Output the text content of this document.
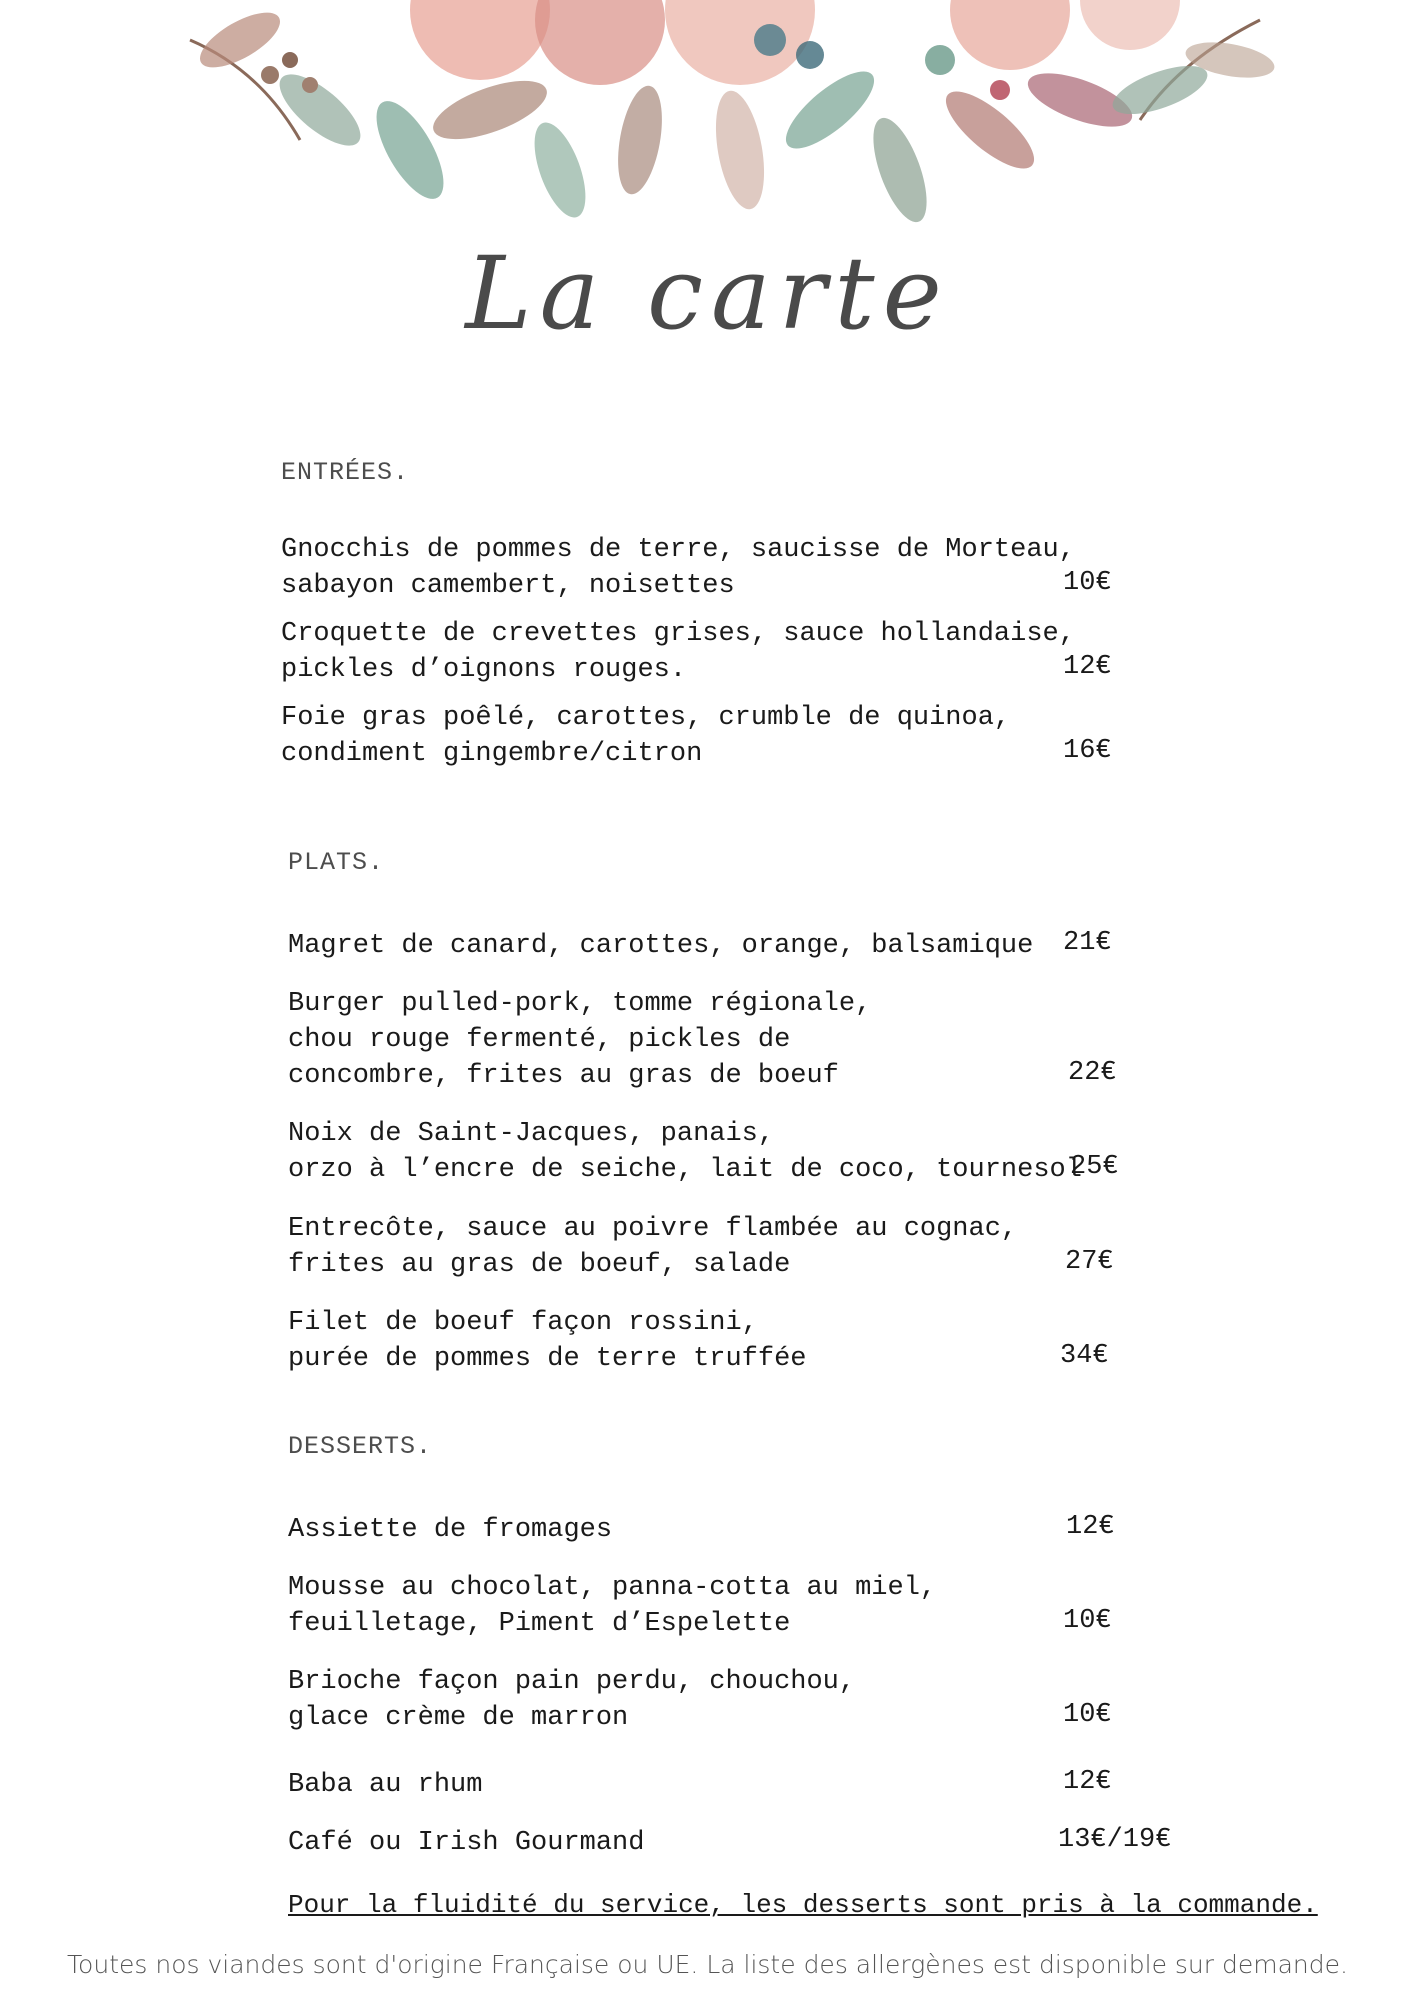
La carte
ENTRÉES.
Gnocchis de pommes de terre, saucisse de Morteau,
sabayon camembert, noisettes	10€
Croquette de crevettes grises, sauce hollandaise,
pickles d’oignons rouges.	12€
Foie gras poêlé, carottes, crumble de quinoa,
condiment gingembre/citron	16€
PLATS.
Magret de canard, carottes, orange, balsamique 21€
Burger pulled-pork, tomme régionale,
chou rouge fermenté, pickles de
concombre, frites au gras de boeuf	22€
Noix de Saint-Jacques, panais,
orzo à l’encre de seiche, lait de coco, tournesol
25€
Entrecôte, sauce au poivre flambée au cognac,
frites au gras de boeuf, salade	27€
Filet de boeuf façon rossini,
purée de pommes de terre truffée	34€
DESSERTS.
Assiette de fromages	12€
Mousse au chocolat, panna-cotta au miel,
feuilletage, Piment d’Espelette	10€
Brioche façon pain perdu, chouchou,
glace crème de marron	10€
Baba au rhum	12€
Café ou Irish Gourmand	13€/19€
Pour la fluidité du service, les desserts sont pris à la commande.
Toutes nos viandes sont d'origine Française ou UE. La liste des allergènes est disponible sur demande.
